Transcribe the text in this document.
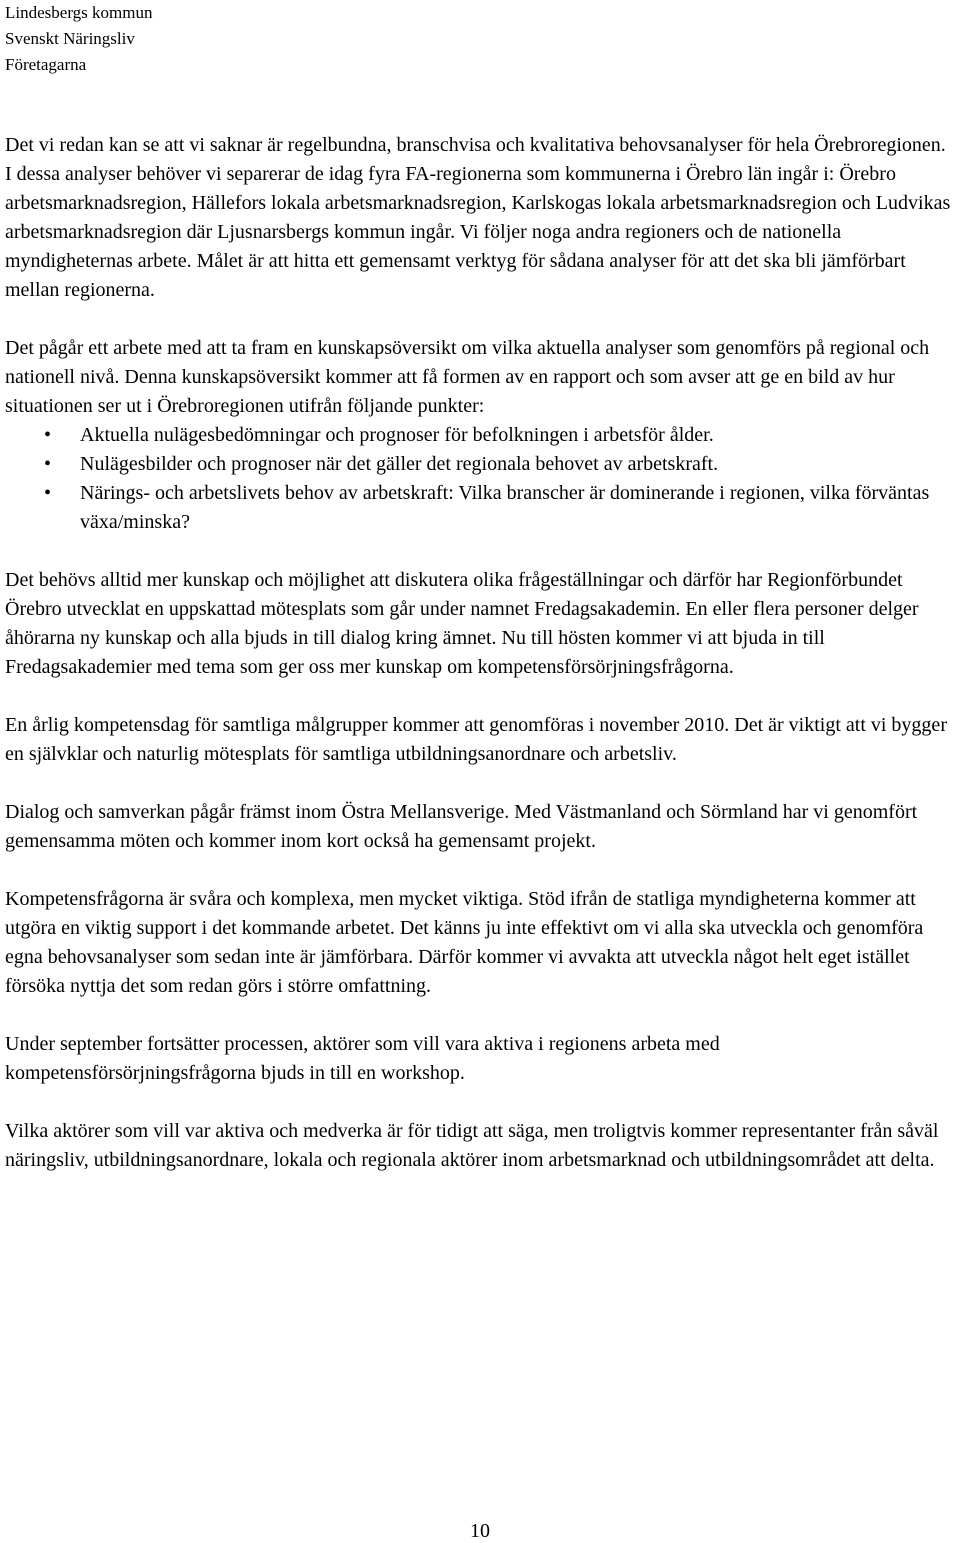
Lindesbergs kommun
Svenskt Näringsliv
Företagarna

Det vi redan kan se att vi saknar är regelbundna, branschvisa och kvalitativa behovsanalyser för hela Örebroregionen. I dessa analyser behöver vi separerar de idag fyra FA-regionerna som kommunerna i Örebro län ingår i: Örebro arbetsmarknadsregion, Hällefors lokala arbetsmarknadsregion, Karlskogas lokala arbetsmarknadsregion och Ludvikas arbetsmarknadsregion där Ljusnarsbergs kommun ingår. Vi följer noga andra regioners och de nationella myndigheternas arbete. Målet är att hitta ett gemensamt verktyg för sådana analyser för att det ska bli jämförbart mellan regionerna.

Det pågår ett arbete med att ta fram en kunskapsöversikt om vilka aktuella analyser som genomförs på regional och nationell nivå. Denna kunskapsöversikt kommer att få formen av en rapport och som avser att ge en bild av hur situationen ser ut i Örebroregionen utifrån följande punkter:

• Aktuella nulägesbedömningar och prognoser för befolkningen i arbetsför ålder.
• Nulägesbilder och prognoser när det gäller det regionala behovet av arbetskraft.
• Närings- och arbetslivets behov av arbetskraft: Vilka branscher är dominerande i regionen, vilka förväntas växa/minska?

Det behövs alltid mer kunskap och möjlighet att diskutera olika frågeställningar och därför har Regionförbundet Örebro utvecklat en uppskattad mötesplats som går under namnet Fredagsakademin. En eller flera personer delger åhörarna ny kunskap och alla bjuds in till dialog kring ämnet. Nu till hösten kommer vi att bjuda in till Fredagsakademier med tema som ger oss mer kunskap om kompetensförsörjningsfrågorna.

En årlig kompetensdag för samtliga målgrupper kommer att genomföras i november 2010. Det är viktigt att vi bygger en självklar och naturlig mötesplats för samtliga utbildningsanordnare och arbetsliv.

Dialog och samverkan pågår främst inom Östra Mellansverige. Med Västmanland och Sörmland har vi genomfört gemensamma möten och kommer inom kort också ha gemensamt projekt.

Kompetensfrågorna är svåra och komplexa, men mycket viktiga. Stöd ifrån de statliga myndigheterna kommer att utgöra en viktig support i det kommande arbetet. Det känns ju inte effektivt om vi alla ska utveckla och genomföra egna behovsanalyser som sedan inte är jämförbara. Därför kommer vi avvakta att utveckla något helt eget istället försöka nyttja det som redan görs i större omfattning.

Under september fortsätter processen, aktörer som vill vara aktiva i regionens arbeta med kompetensförsörjningsfrågorna bjuds in till en workshop.

Vilka aktörer som vill var aktiva och medverka är för tidigt att säga, men troligtvis kommer representanter från såväl näringsliv, utbildningsanordnare, lokala och regionala aktörer inom arbetsmarknad och utbildningsområdet att delta.

10
